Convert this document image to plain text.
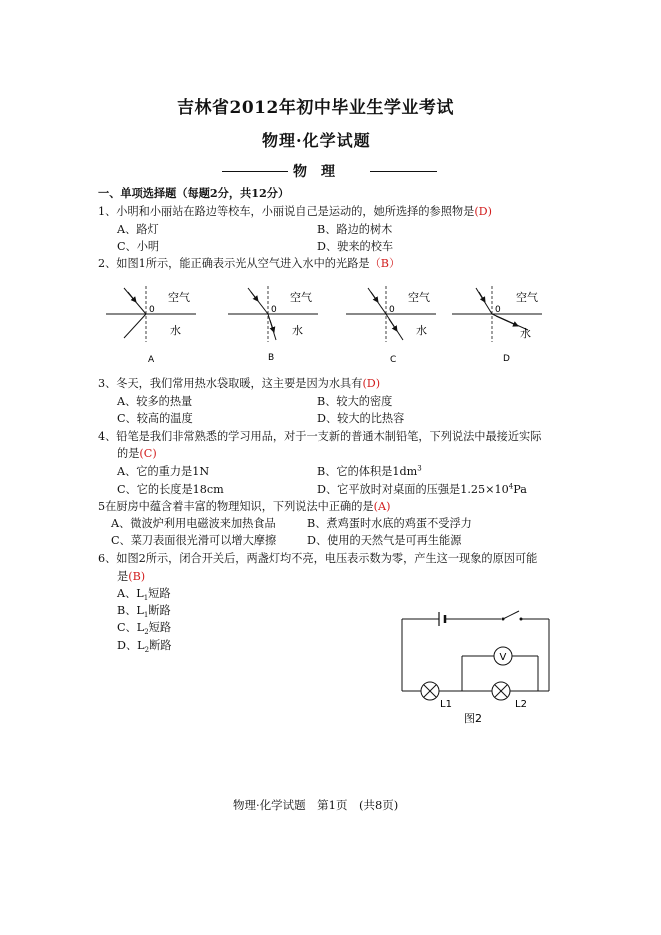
吉林省2012年初中毕业生学业考试
物理·化学试题
物　理
一、单项选择题（每题2分，共12分）
1、小明和小丽站在路边等校车，小丽说自己是运动的，她所选择的参照物是(D)
A、路灯	B、路边的树木
C、小明	D、驶来的校车
2、如图1所示，能正确表示光从空气进入水中的光路是（B）
0
空气
水
A
0
空气
水
B
0
空气
水
C
0
空气
水
D
3、冬天，我们常用热水袋取暖，这主要是因为水具有(D)
A、较多的热量	B、较大的密度
C、较高的温度	D、较大的比热容
4、铅笔是我们非常熟悉的学习用品，对于一支新的普通木制铅笔，下列说法中最接近实际
的是(C)
A、它的重力是1N	B、它的体积是$1dm^3$
C、它的长度是18cm	D、它平放时对桌面的压强是$1.25\times 10^4Pa$
5在厨房中蕴含着丰富的物理知识，下列说法中正确的是(A)
A、微波炉利用电磁波来加热食品	B、煮鸡蛋时水底的鸡蛋不受浮力
C、菜刀表面很光滑可以增大摩擦	D、使用的天然气是可再生能源
6、如图2所示，闭合开关后，两盏灯均不亮，电压表示数为零，产生这一现象的原因可能
是(B)
A、$L_1$短路
B、$L_1$断路
C、$L_2$短路
D、$L_2$断路
V
L1	L2
图2
物理·化学试题　第1页　(共8页)
